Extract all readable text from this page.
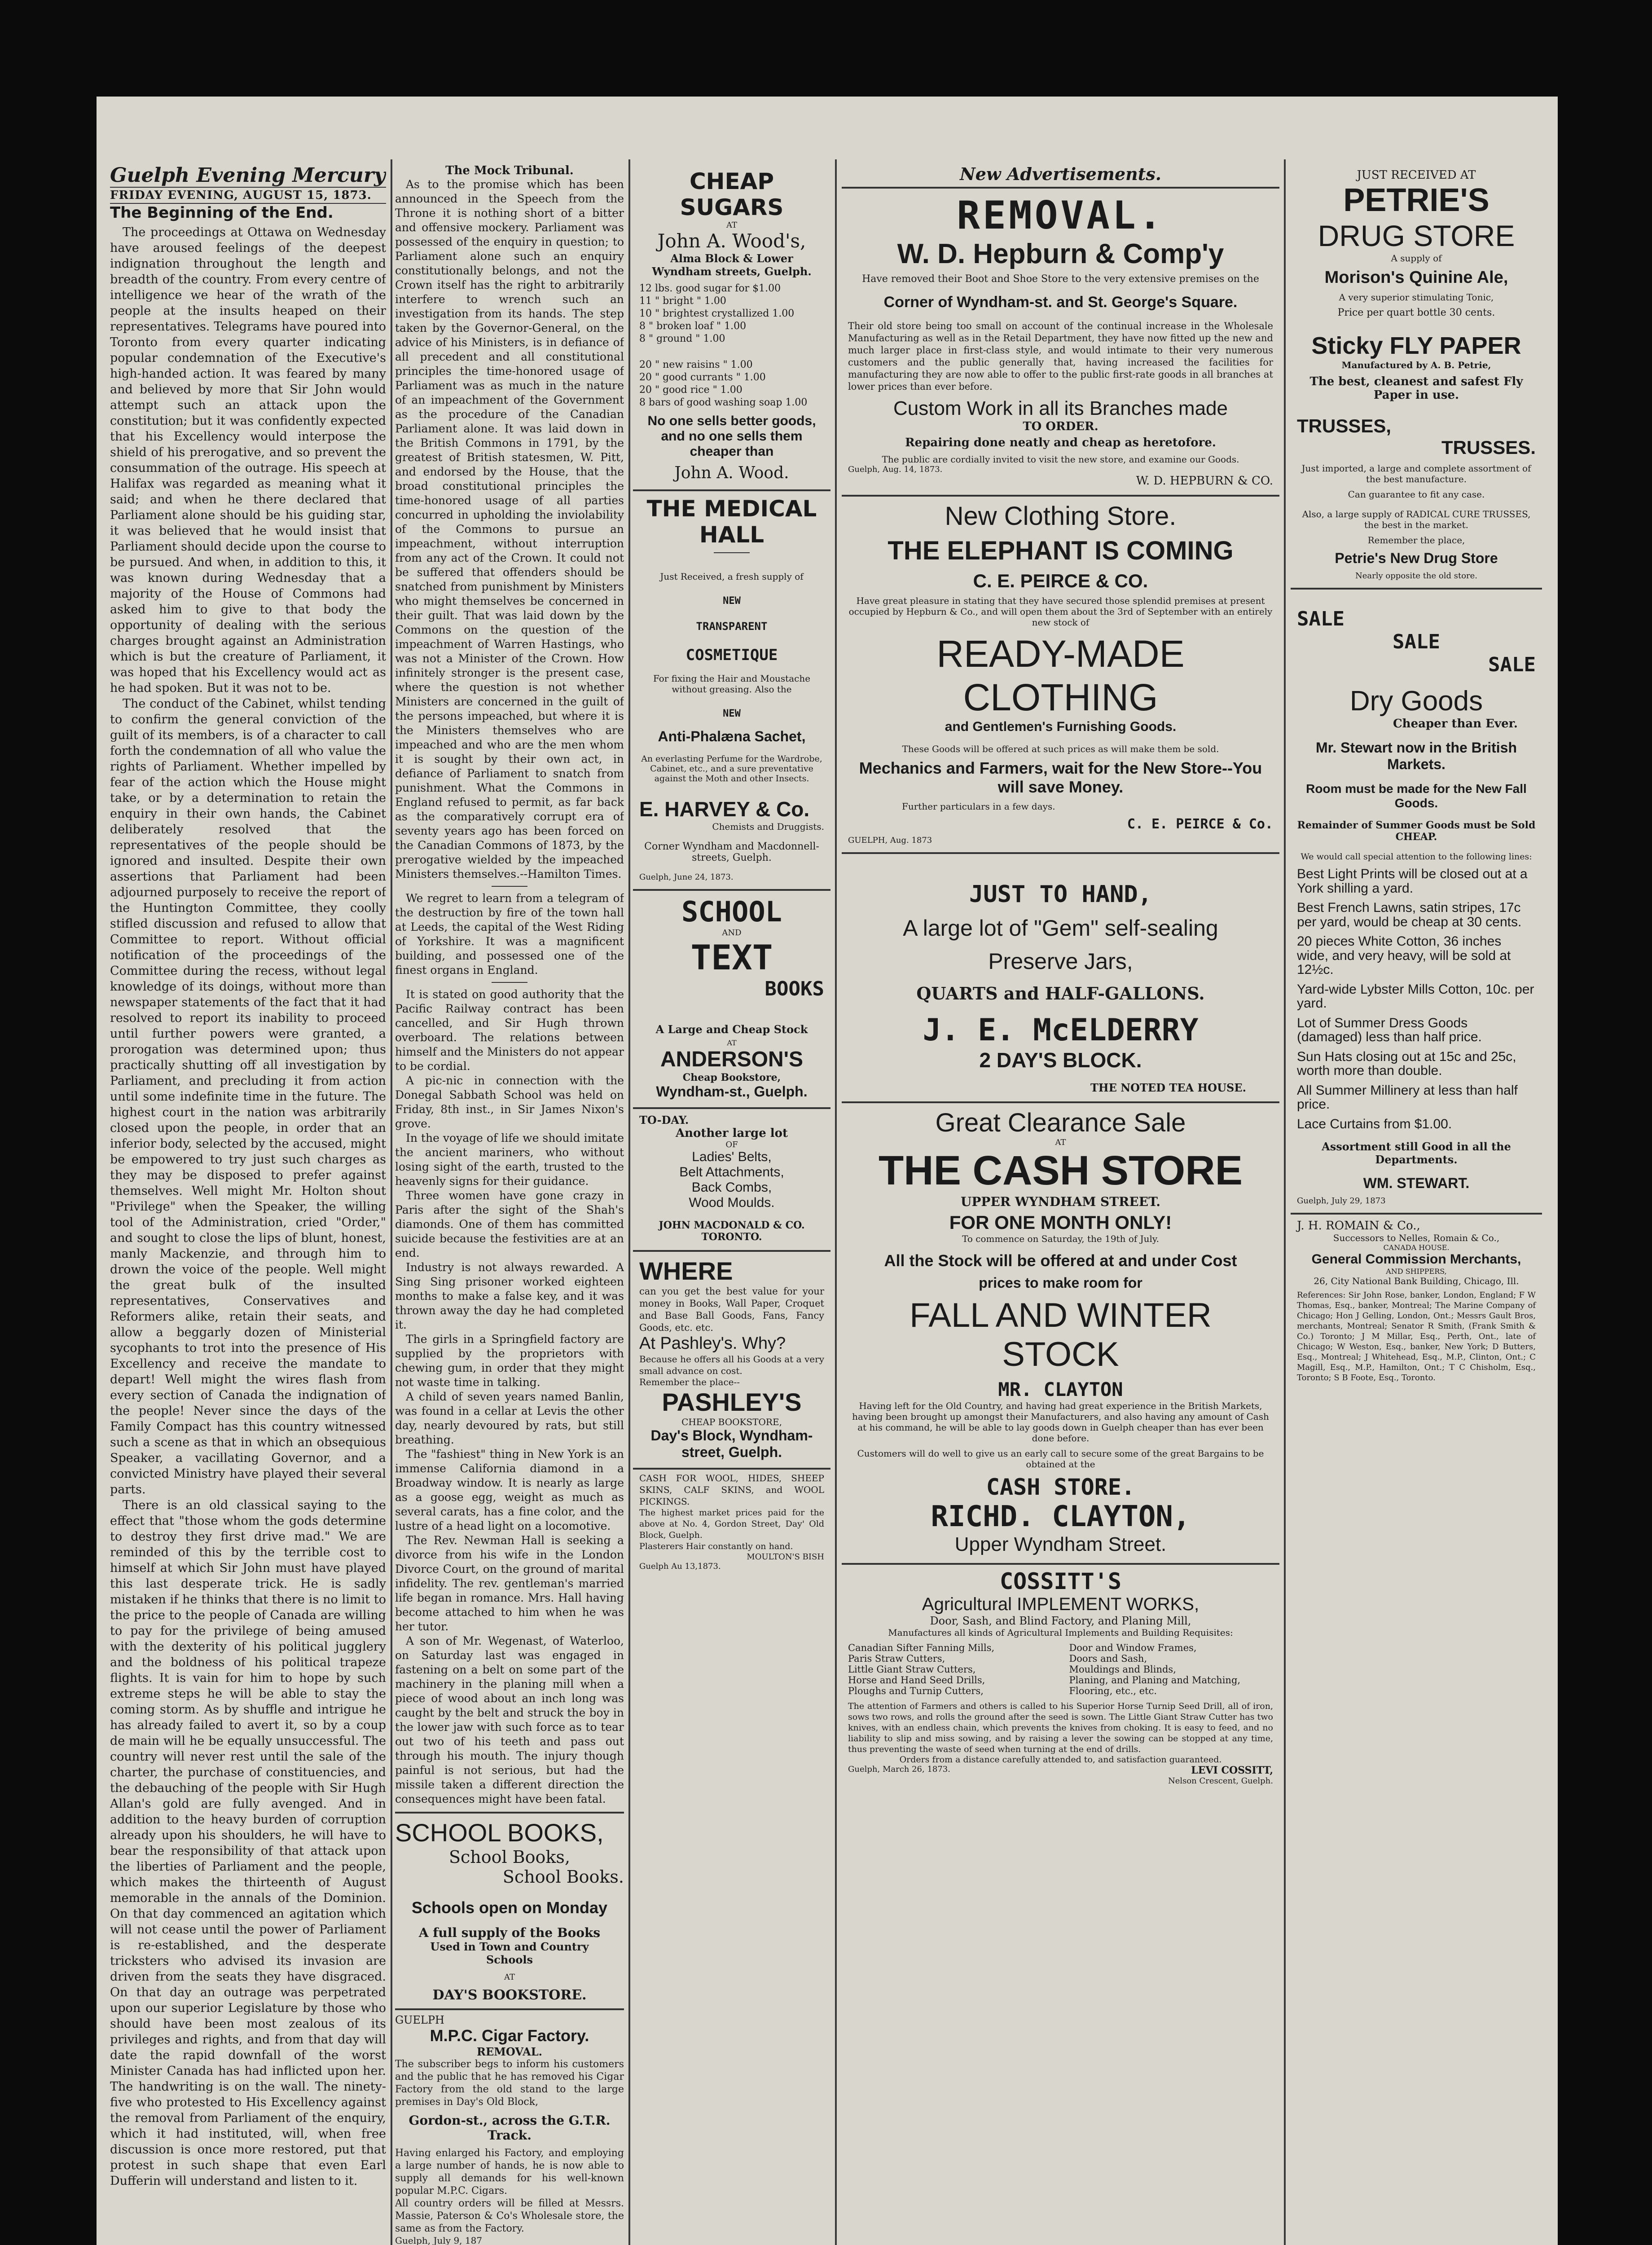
Guelph Evening Mercury

FRIDAY EVENING, AUGUST 15, 1873.

The Beginning of the End.

The proceedings at Ottawa on Wednesday have aroused feelings of the deepest indignation throughout the length and breadth of the country. From every centre of intelligence we hear of the wrath of the people at the insults heaped on their representatives. Telegrams have poured into Toronto from every quarter indicating popular condemnation of the Executive's high-handed action. It was feared by many and believed by more that Sir John would attempt such an attack upon the constitution; but it was confidently expected that his Excellency would interpose the shield of his prerogative, and so prevent the consummation of the outrage. His speech at Halifax was regarded as meaning what it said; and when he there declared that Parliament alone should be his guiding star, it was believed that he would insist that Parliament should decide upon the course to be pursued. And when, in addition to this, it was known during Wednesday that a majority of the House of Commons had asked him to give to that body the opportunity of dealing with the serious charges brought against an Administration which is but the creature of Parliament, it was hoped that his Excellency would act as he had spoken. But it was not to be.

The conduct of the Cabinet, whilst tending to confirm the general conviction of the guilt of its members, is of a character to call forth the condemnation of all who value the rights of Parliament. Whether impelled by fear of the action which the House might take, or by a determination to retain the enquiry in their own hands, the Cabinet deliberately resolved that the representatives of the people should be ignored and insulted. Despite their own assertions that Parliament had been adjourned purposely to receive the report of the Huntington Committee, they coolly stifled discussion and refused to allow that Committee to report. Without official notification of the proceedings of the Committee during the recess, without legal knowledge of its doings, without more than newspaper statements of the fact that it had resolved to report its inability to proceed until further powers were granted, a prorogation was determined upon; thus practically shutting off all investigation by Parliament, and precluding it from action until some indefinite time in the future. The highest court in the nation was arbitrarily closed upon the people, in order that an inferior body, selected by the accused, might be empowered to try just such charges as they may be disposed to prefer against themselves. Well might Mr. Holton shout "Privilege" when the Speaker, the willing tool of the Administration, cried "Order," and sought to close the lips of blunt, honest, manly Mackenzie, and through him to drown the voice of the people. Well might the great bulk of the insulted representatives, Conservatives and Reformers alike, retain their seats, and allow a beggarly dozen of Ministerial sycophants to trot into the presence of His Excellency and receive the mandate to depart! Well might the wires flash from every section of Canada the indignation of the people! Never since the days of the Family Compact has this country witnessed such a scene as that in which an obsequious Speaker, a vacillating Governor, and a convicted Ministry have played their several parts.

There is an old classical saying to the effect that "those whom the gods determine to destroy they first drive mad." We are reminded of this by the terrible cost to himself at which Sir John must have played this last desperate trick. He is sadly mistaken if he thinks that there is no limit to the price to the people of Canada are willing to pay for the privilege of being amused with the dexterity of his political jugglery and the boldness of his political trapeze flights. It is vain for him to hope by such extreme steps he will be able to stay the coming storm. As by shuffle and intrigue he has already failed to avert it, so by a coup de main will he be equally unsuccessful. The country will never rest until the sale of the charter, the purchase of constituencies, and the debauching of the people with Sir Hugh Allan's gold are fully avenged. And in addition to the heavy burden of corruption already upon his shoulders, he will have to bear the responsibility of that attack upon the liberties of Parliament and the people, which makes the thirteenth of August memorable in the annals of the Dominion. On that day commenced an agitation which will not cease until the power of Parliament is re-established, and the desperate tricksters who advised its invasion are driven from the seats they have disgraced. On that day an outrage was perpetrated upon our superior Legislature by those who should have been most zealous of its privileges and rights, and from that day will date the rapid downfall of the worst Minister Canada has had inflicted upon her. The handwriting is on the wall. The ninety-five who protested to His Excellency against the removal from Parliament of the enquiry, which it had instituted, will, when free discussion is once more restored, put that protest in such shape that even Earl Dufferin will understand and listen to it.

The Mock Tribunal.

As to the promise which has been announced in the Speech from the Throne it is nothing short of a bitter and offensive mockery. Parliament was possessed of the enquiry in question; to Parliament alone such an enquiry constitutionally belongs, and not the Crown itself has the right to arbitrarily interfere to wrench such an investigation from its hands. The step taken by the Governor-General, on the advice of his Ministers, is in defiance of all precedent and all constitutional principles the time-honored usage of Parliament was as much in the nature of an impeachment of the Government as the procedure of the Canadian Parliament alone. It was laid down in the British Commons in 1791, by the greatest of British statesmen, W. Pitt, and endorsed by the House, that the broad constitutional principles the time-honored usage of all parties concurred in upholding the inviolability of the Commons to pursue an impeachment, without interruption from any act of the Crown. It could not be suffered that offenders should be snatched from punishment by Ministers who might themselves be concerned in their guilt. That was laid down by the Commons on the question of the impeachment of Warren Hastings, who was not a Minister of the Crown. How infinitely stronger is the present case, where the question is not whether Ministers are concerned in the guilt of the persons impeached, but where it is the Ministers themselves who are impeached and who are the men whom it is sought by their own act, in defiance of Parliament to snatch from punishment. What the Commons in England refused to permit, as far back as the comparatively corrupt era of seventy years ago has been forced on the Canadian Commons of 1873, by the prerogative wielded by the impeached Ministers themselves.--Hamilton Times.

We regret to learn from a telegram of the destruction by fire of the town hall at Leeds, the capital of the West Riding of Yorkshire. It was a magnificent building, and possessed one of the finest organs in England.

It is stated on good authority that the Pacific Railway contract has been cancelled, and Sir Hugh thrown overboard. The relations between himself and the Ministers do not appear to be cordial.

A pic-nic in connection with the Donegal Sabbath School was held on Friday, 8th inst., in Sir James Nixon's grove.

In the voyage of life we should imitate the ancient mariners, who without losing sight of the earth, trusted to the heavenly signs for their guidance.

Three women have gone crazy in Paris after the sight of the Shah's diamonds. One of them has committed suicide because the festivities are at an end.

Industry is not always rewarded. A Sing Sing prisoner worked eighteen months to make a false key, and it was thrown away the day he had completed it.

The girls in a Springfield factory are supplied by the proprietors with chewing gum, in order that they might not waste time in talking.

A child of seven years named Banlin, was found in a cellar at Levis the other day, nearly devoured by rats, but still breathing.

The "fashiest" thing in New York is an immense California diamond in a Broadway window. It is nearly as large as a goose egg, weight as much as several carats, has a fine color, and the lustre of a head light on a locomotive.

The Rev. Newman Hall is seeking a divorce from his wife in the London Divorce Court, on the ground of marital infidelity. The rev. gentleman's married life began in romance. Mrs. Hall having become attached to him when he was her tutor.

A son of Mr. Wegenast, of Waterloo, on Saturday last was engaged in fastening on a belt on some part of the machinery in the planing mill when a piece of wood about an inch long was caught by the belt and struck the boy in the lower jaw with such force as to tear out two of his teeth and pass out through his mouth. The injury though painful is not serious, but had the missile taken a different direction the consequences might have been fatal.

SCHOOL BOOKS,

School Books,

School Books.

Schools open on Monday

A full supply of the Books

Used in Town and Country

Schools

AT

DAY'S BOOKSTORE.

GUELPH

M.P.C. Cigar Factory.

REMOVAL.

The subscriber begs to inform his customers and the public that he has removed his Cigar Factory from the old stand to the large premises in Day's Old Block,

Gordon-st., across the G.T.R. Track.

Having enlarged his Factory, and employing a large number of hands, he is now able to supply all demands for his well-known popular M.P.C. Cigars.

All country orders will be filled at Messrs. Massie, Paterson & Co's Wholesale store, the same as from the Factory.

Guelph, July 9, 187

CHEAP SUGARS

AT

John A. Wood's,

Alma Block & Lower Wyndham streets, Guelph.

12 lbs. good sugar for $1.00

11 " bright " 1.00

10 " brightest crystallized 1.00

8 " broken loaf " 1.00

8 " ground " 1.00

20 " new raisins " 1.00

20 " good currants " 1.00

20 " good rice " 1.00

8 bars of good washing soap 1.00

No one sells better goods, and no one sells them cheaper than

John A. Wood.

THE MEDICAL HALL

Just Received, a fresh supply of

NEW

TRANSPARENT

COSMETIQUE

For fixing the Hair and Moustache without greasing. Also the

NEW

Anti-Phalæna Sachet,

An everlasting Perfume for the Wardrobe, Cabinet, etc., and a sure preventative against the Moth and other Insects.

E. HARVEY & Co.

Chemists and Druggists.

Corner Wyndham and Macdonnell-streets, Guelph.

Guelph, June 24, 1873.

SCHOOL

AND

TEXT

BOOKS

A Large and Cheap Stock

AT

ANDERSON'S

Cheap Bookstore,

Wyndham-st., Guelph.

TO-DAY.

Another large lot

OF

Ladies' Belts,

Belt Attachments,

Back Combs,

Wood Moulds.

JOHN MACDONALD & CO.

TORONTO.

WHERE

can you get the best value for your money in Books, Wall Paper, Croquet and Base Ball Goods, Fans, Fancy Goods, etc. etc.

At Pashley's. Why?

Because he offers all his Goods at a very small advance on cost.

Remember the place--

PASHLEY'S

CHEAP BOOKSTORE,

Day's Block, Wyndham-street, Guelph.

CASH FOR WOOL, HIDES, SHEEP SKINS, CALF SKINS, and WOOL PICKINGS.

The highest market prices paid for the above at No. 4, Gordon Street, Day' Old Block, Guelph.

Plasterers Hair constantly on hand.

MOULTON'S BISH

Guelph Au 13,1873.

New Advertisements.

REMOVAL.

W. D. Hepburn & Comp'y

Have removed their Boot and Shoe Store to the very extensive premises on the

Corner of Wyndham-st. and St. George's Square.

Their old store being too small on account of the continual increase in the Wholesale Manufacturing as well as in the Retail Department, they have now fitted up the new and much larger place in first-class style, and would intimate to their very numerous customers and the public generally that, having increased the facilities for manufacturing they are now able to offer to the public first-rate goods in all branches at lower prices than ever before.

Custom Work in all its Branches made

TO ORDER.

Repairing done neatly and cheap as heretofore.

The public are cordially invited to visit the new store, and examine our Goods.

Guelph, Aug. 14, 1873.

W. D. HEPBURN & CO.

New Clothing Store.

THE ELEPHANT IS COMING

C. E. PEIRCE & CO.

Have great pleasure in stating that they have secured those splendid premises at present occupied by Hepburn & Co., and will open them about the 3rd of September with an entirely new stock of

READY-MADE CLOTHING

and Gentlemen's Furnishing Goods.

These Goods will be offered at such prices as will make them be sold.

Mechanics and Farmers, wait for the New Store--You will save Money.

Further particulars in a few days.

C. E. PEIRCE & Co.

GUELPH, Aug. 1873

JUST TO HAND,

A large lot of "Gem" self-sealing

Preserve Jars,

QUARTS and HALF-GALLONS.

J. E. McELDERRY

2 DAY'S BLOCK.

THE NOTED TEA HOUSE.

Great Clearance Sale

AT

THE CASH STORE

UPPER WYNDHAM STREET.

FOR ONE MONTH ONLY!

To commence on Saturday, the 19th of July.

All the Stock will be offered at and under Cost

prices to make room for

FALL AND WINTER STOCK

MR. CLAYTON

Having left for the Old Country, and having had great experience in the British Markets, having been brought up amongst their Manufacturers, and also having any amount of Cash at his command, he will be able to lay goods down in Guelph cheaper than has ever been done before.

Customers will do well to give us an early call to secure some of the great Bargains to be obtained at the

CASH STORE.

RICHD. CLAYTON,

Upper Wyndham Street.

COSSITT'S

Agricultural IMPLEMENT WORKS,

Door, Sash, and Blind Factory, and Planing Mill,

Manufactures all kinds of Agricultural Implements and Building Requisites:

Canadian Sifter Fanning Mills,

Paris Straw Cutters,

Little Giant Straw Cutters,

Horse and Hand Seed Drills,

Ploughs and Turnip Cutters,

Door and Window Frames,

Doors and Sash,

Mouldings and Blinds,

Planing, and Planing and Matching,

Flooring, etc., etc.

The attention of Farmers and others is called to his Superior Horse Turnip Seed Drill, all of iron, sows two rows, and rolls the ground after the seed is sown. The Little Giant Straw Cutter has two knives, with an endless chain, which prevents the knives from choking. It is easy to feed, and no liability to slip and miss sowing, and by raising a lever the sowing can be stopped at any time, thus preventing the waste of seed when turning at the end of drills.

Orders from a distance carefully attended to, and satisfaction guaranteed.

Guelph, March 26, 1873.	LEVI COSSITT,

Nelson Crescent, Guelph.

JUST RECEIVED AT

PETRIE'S

DRUG STORE

A supply of

Morison's Quinine Ale,

A very superior stimulating Tonic,

Price per quart bottle 30 cents.

Sticky FLY PAPER

Manufactured by A. B. Petrie,

The best, cleanest and safest Fly Paper in use.

TRUSSES,

TRUSSES.

Just imported, a large and complete assortment of the best manufacture.

Can guarantee to fit any case.

Also, a large supply of RADICAL CURE TRUSSES, the best in the market.

Remember the place,

Petrie's New Drug Store

Nearly opposite the old store.

SALE

SALE

SALE

Dry Goods

Cheaper than Ever.

Mr. Stewart now in the British Markets.

Room must be made for the New Fall Goods.

Remainder of Summer Goods must be Sold CHEAP.

We would call special attention to the following lines:

Best Light Prints will be closed out at a York shilling a yard.

Best French Lawns, satin stripes, 17c per yard, would be cheap at 30 cents.

20 pieces White Cotton, 36 inches wide, and very heavy, will be sold at 12½c.

Yard-wide Lybster Mills Cotton, 10c. per yard.

Lot of Summer Dress Goods (damaged) less than half price.

Sun Hats closing out at 15c and 25c, worth more than double.

All Summer Millinery at less than half price.

Lace Curtains from $1.00.

Assortment still Good in all the Departments.

WM. STEWART.

Guelph, July 29, 1873

J. H. ROMAIN & Co.,

Successors to Nelles, Romain & Co.,

CANADA HOUSE.

General Commission Merchants,

AND SHIPPERS,

26, City National Bank Building, Chicago, Ill.

References: Sir John Rose, banker, London, England; F W Thomas, Esq., banker, Montreal; The Marine Company of Chicago; Hon J Gelling, London, Ont.; Messrs Gault Bros, merchants, Montreal; Senator R Smith, (Frank Smith & Co.) Toronto; J M Millar, Esq., Perth, Ont., late of Chicago; W Weston, Esq., banker, New York; D Butters, Esq., Montreal; J Whitehead, Esq., M.P., Clinton, Ont.; C Magill, Esq., M.P., Hamilton, Ont.; T C Chisholm, Esq., Toronto; S B Foote, Esq., Toronto.
